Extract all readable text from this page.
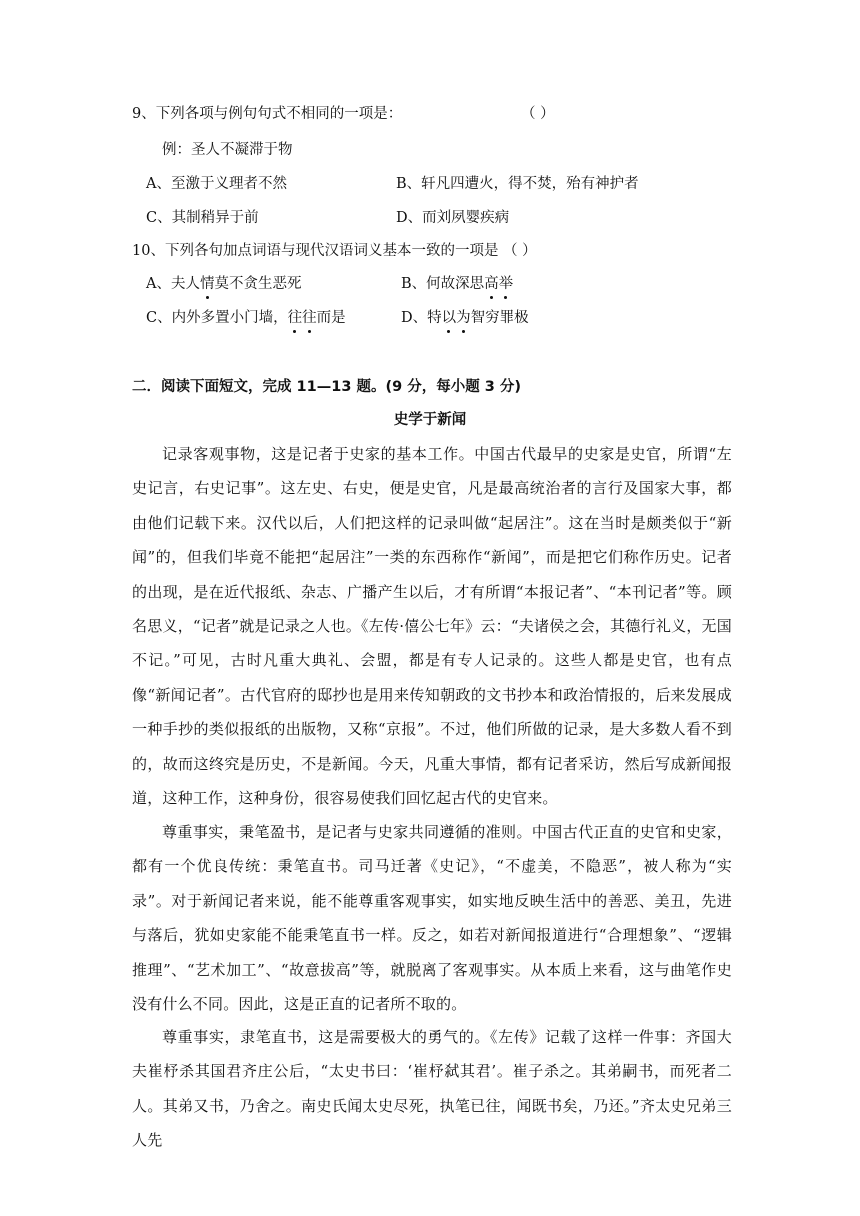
9、下列各项与例句句式不相同的一项是：	（ ）
例：圣人不凝滞于物
A、至激于义理者不然	B、轩凡四遭火，得不焚，殆有神护者
C、其制稍异于前	D、而刘夙婴疾病
10、下列各句加点词语与现代汉语词义基本一致的一项是 （ ）
A、夫人情莫不贪生恶死	B、何故深思高举
C、内外多置小门墙，往往而是	D、特以为智穷罪极
二．阅读下面短文，完成 11—13 题。(9 分，每小题 3 分)
史学于新闻
记录客观事物，这是记者于史家的基本工作。中国古代最早的史家是史官，所谓“左史记言，右史记事”。这左史、右史，便是史官，凡是最高统治者的言行及国家大事，都由他们记载下来。汉代以后，人们把这样的记录叫做“起居注”。这在当时是颇类似于“新闻”的，但我们毕竟不能把“起居注”一类的东西称作“新闻”，而是把它们称作历史。记者的出现，是在近代报纸、杂志、广播产生以后，才有所谓“本报记者”、“本刊记者”等。顾名思义，“记者”就是记录之人也。《左传·僖公七年》云：“夫诸侯之会，其德行礼义，无国不记。”可见，古时凡重大典礼、会盟，都是有专人记录的。这些人都是史官，也有点像“新闻记者”。古代官府的邸抄也是用来传知朝政的文书抄本和政治情报的，后来发展成一种手抄的类似报纸的出版物，又称“京报”。不过，他们所做的记录，是大多数人看不到的，故而这终究是历史，不是新闻。今天，凡重大事情，都有记者采访，然后写成新闻报道，这种工作，这种身份，很容易使我们回忆起古代的史官来。
尊重事实，秉笔盈书，是记者与史家共同遵循的准则。中国古代正直的史官和史家，都有一个优良传统：秉笔直书。司马迁著《史记》，“不虚美，不隐恶”，被人称为“实录”。对于新闻记者来说，能不能尊重客观事实，如实地反映生活中的善恶、美丑，先进与落后，犹如史家能不能秉笔直书一样。反之，如若对新闻报道进行“合理想象”、“逻辑推理”、“艺术加工”、“故意拔高”等，就脱离了客观事实。从本质上来看，这与曲笔作史没有什么不同。因此，这是正直的记者所不取的。
尊重事实，隶笔直书，这是需要极大的勇气的。《左传》记载了这样一件事：齐国大夫崔杼杀其国君齐庄公后，“太史书曰：‘崔杼弑其君’。崔子杀之。其弟嗣书，而死者二人。其弟又书，乃舍之。南史氏闻太史尽死，执笔已往，闻既书矣，乃还。”齐太史兄弟三人先
